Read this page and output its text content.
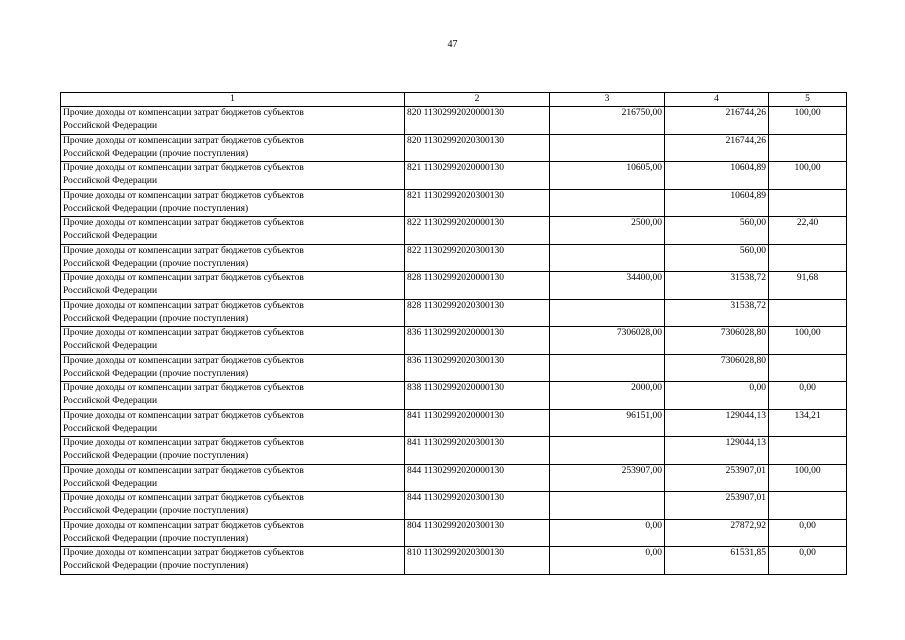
47
1	2	3	4	5

Прочие доходы от компенсации затрат бюджетов субъектов
Российской Федерации	820 11302992020000130	216750,00	216744,26	100,00

Прочие доходы от компенсации затрат бюджетов субъектов
Российской Федерации (прочие поступления)	820 11302992020300130		216744,26	

Прочие доходы от компенсации затрат бюджетов субъектов
Российской Федерации	821 11302992020000130	10605,00	10604,89	100,00

Прочие доходы от компенсации затрат бюджетов субъектов
Российской Федерации (прочие поступления)	821 11302992020300130		10604,89	

Прочие доходы от компенсации затрат бюджетов субъектов
Российской Федерации	822 11302992020000130	2500,00	560,00	22,40

Прочие доходы от компенсации затрат бюджетов субъектов
Российской Федерации (прочие поступления)	822 11302992020300130		560,00	

Прочие доходы от компенсации затрат бюджетов субъектов
Российской Федерации	828 11302992020000130	34400,00	31538,72	91,68

Прочие доходы от компенсации затрат бюджетов субъектов
Российской Федерации (прочие поступления)	828 11302992020300130		31538,72	

Прочие доходы от компенсации затрат бюджетов субъектов
Российской Федерации	836 11302992020000130	7306028,00	7306028,80	100,00

Прочие доходы от компенсации затрат бюджетов субъектов
Российской Федерации (прочие поступления)	836 11302992020300130		7306028,80	

Прочие доходы от компенсации затрат бюджетов субъектов
Российской Федерации	838 11302992020000130	2000,00	0,00	0,00

Прочие доходы от компенсации затрат бюджетов субъектов
Российской Федерации	841 11302992020000130	96151,00	129044,13	134,21

Прочие доходы от компенсации затрат бюджетов субъектов
Российской Федерации (прочие поступления)	841 11302992020300130		129044,13	

Прочие доходы от компенсации затрат бюджетов субъектов
Российской Федерации	844 11302992020000130	253907,00	253907,01	100,00

Прочие доходы от компенсации затрат бюджетов субъектов
Российской Федерации (прочие поступления)	844 11302992020300130		253907,01	

Прочие доходы от компенсации затрат бюджетов субъектов
Российской Федерации (прочие поступления)	804 11302992020300130	0,00	27872,92	0,00

Прочие доходы от компенсации затрат бюджетов субъектов
Российской Федерации (прочие поступления)	810 11302992020300130	0,00	61531,85	0,00
